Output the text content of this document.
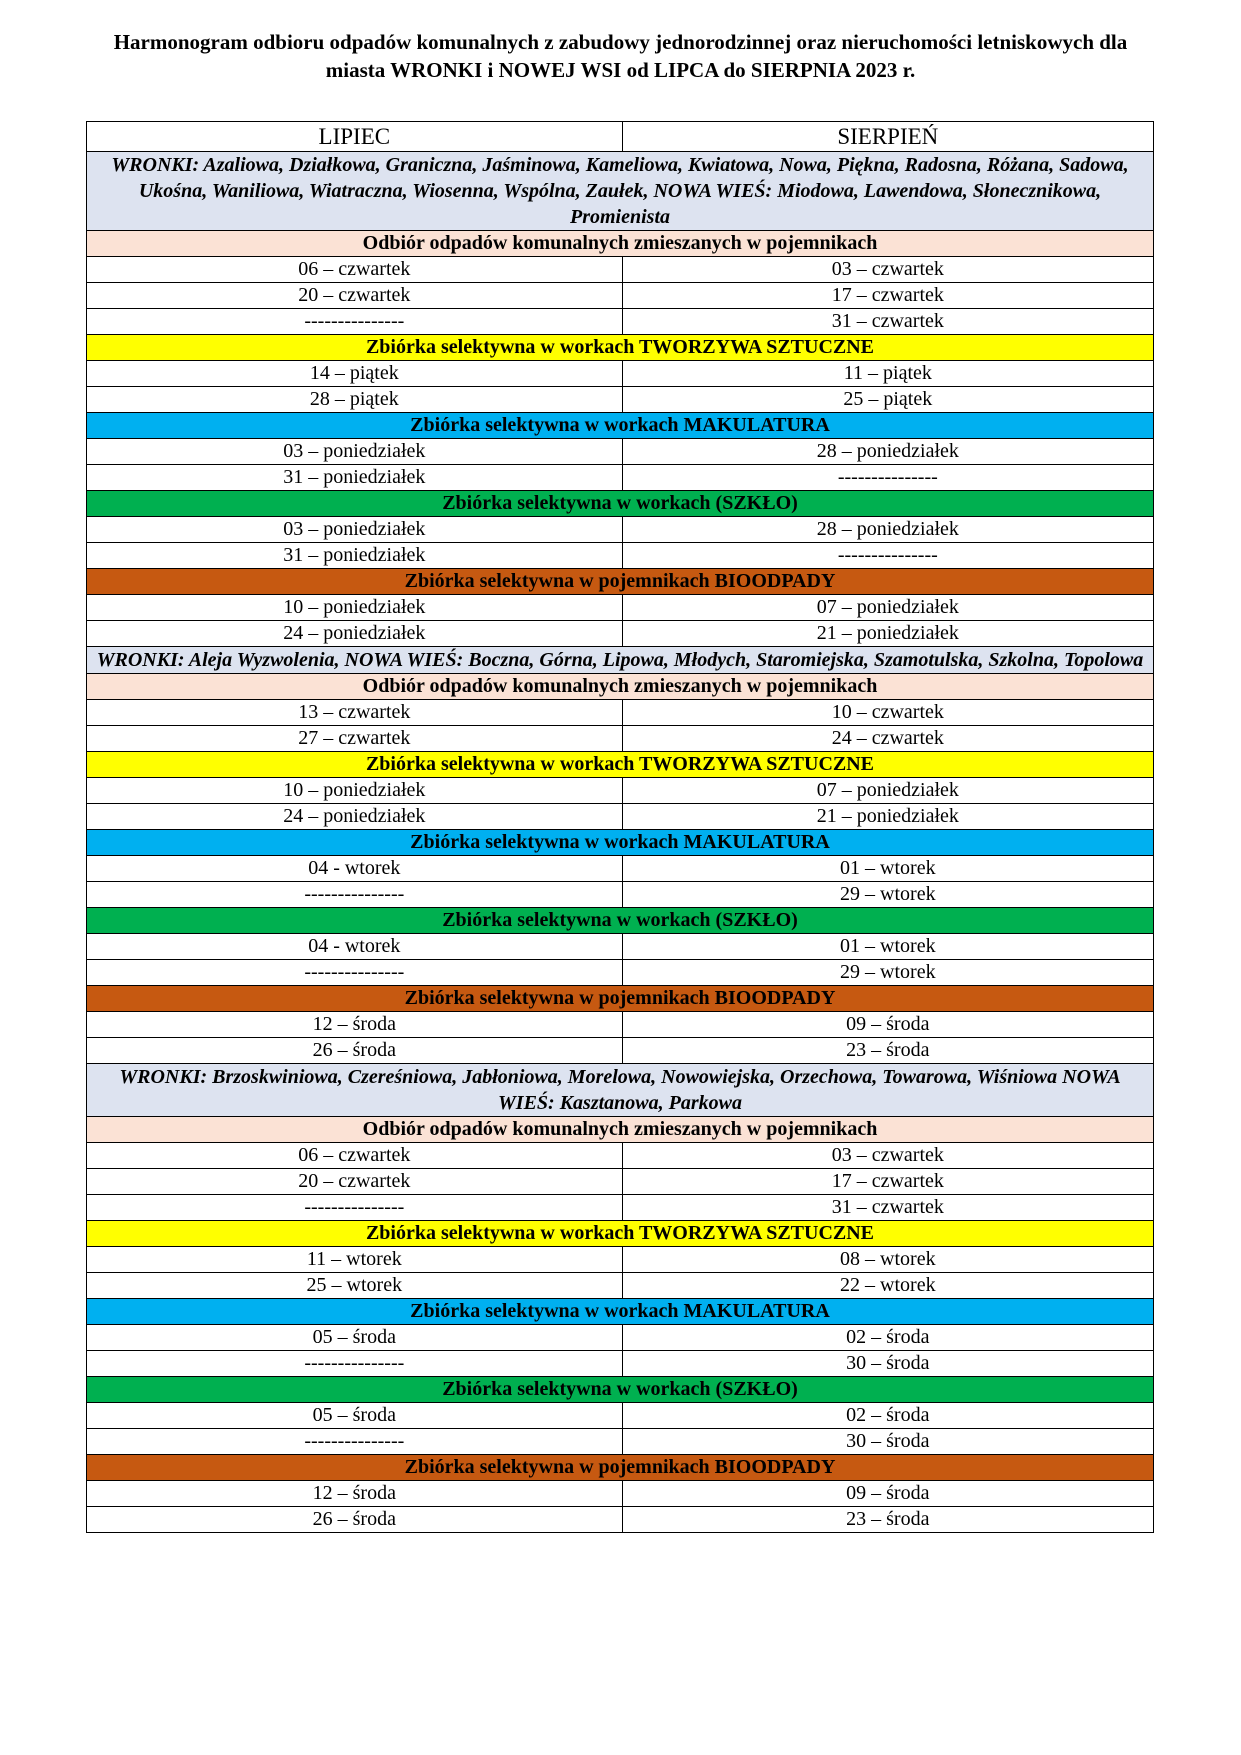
Harmonogram odbioru odpadów komunalnych z zabudowy jednorodzinnej oraz nieruchomości letniskowych dla
miasta WRONKI i NOWEJ WSI od LIPCA do SIERPNIA 2023 r.
LIPIEC	SIERPIEŃ
WRONKI: Azaliowa, Działkowa, Graniczna, Jaśminowa, Kameliowa, Kwiatowa, Nowa, Piękna, Radosna, Różana, Sadowa, Ukośna, Waniliowa, Wiatraczna, Wiosenna, Wspólna, Zaułek, NOWA WIEŚ: Miodowa, Lawendowa, Słonecznikowa, Promienista	
Odbiór odpadów komunalnych zmieszanych w pojemnikach	
06 – czwartek	03 – czwartek
20 – czwartek	17 – czwartek
---------------	31 – czwartek
Zbiórka selektywna w workach TWORZYWA SZTUCZNE	
14 – piątek	11 – piątek
28 – piątek	25 – piątek
Zbiórka selektywna w workach MAKULATURA	
03 – poniedziałek	28 – poniedziałek
31 – poniedziałek	---------------
Zbiórka selektywna w workach (SZKŁO)	
03 – poniedziałek	28 – poniedziałek
31 – poniedziałek	---------------
Zbiórka selektywna w pojemnikach BIOODPADY	
10 – poniedziałek	07 – poniedziałek
24 – poniedziałek	21 – poniedziałek
WRONKI: Aleja Wyzwolenia, NOWA WIEŚ: Boczna, Górna, Lipowa, Młodych, Staromiejska, Szamotulska, Szkolna, Topolowa	
Odbiór odpadów komunalnych zmieszanych w pojemnikach	
13 – czwartek	10 – czwartek
27 – czwartek	24 – czwartek
Zbiórka selektywna w workach TWORZYWA SZTUCZNE	
10 – poniedziałek	07 – poniedziałek
24 – poniedziałek	21 – poniedziałek
Zbiórka selektywna w workach MAKULATURA	
04 - wtorek	01 – wtorek
---------------	29 – wtorek
Zbiórka selektywna w workach (SZKŁO)	
04 - wtorek	01 – wtorek
---------------	29 – wtorek
Zbiórka selektywna w pojemnikach BIOODPADY	
12 – środa	09 – środa
26 – środa	23 – środa
WRONKI: Brzoskwiniowa, Czereśniowa, Jabłoniowa, Morelowa, Nowowiejska, Orzechowa, Towarowa, Wiśniowa NOWA WIEŚ: Kasztanowa, Parkowa	
Odbiór odpadów komunalnych zmieszanych w pojemnikach	
06 – czwartek	03 – czwartek
20 – czwartek	17 – czwartek
---------------	31 – czwartek
Zbiórka selektywna w workach TWORZYWA SZTUCZNE	
11 – wtorek	08 – wtorek
25 – wtorek	22 – wtorek
Zbiórka selektywna w workach MAKULATURA	
05 – środa	02 – środa
---------------	30 – środa
Zbiórka selektywna w workach (SZKŁO)	
05 – środa	02 – środa
---------------	30 – środa
Zbiórka selektywna w pojemnikach BIOODPADY	
12 – środa	09 – środa
26 – środa	23 – środa
